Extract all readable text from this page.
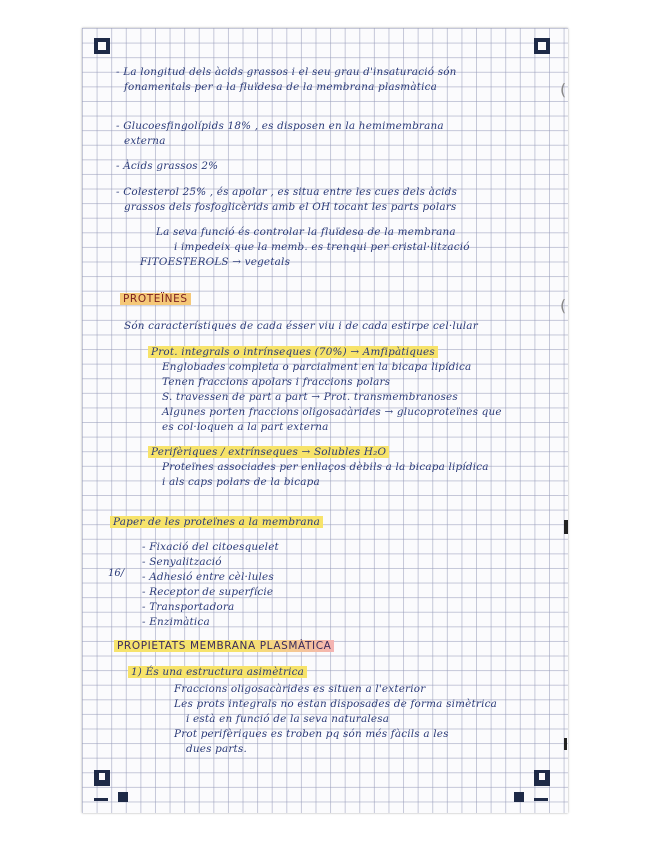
- La longitud dels àcids grassos i el seu grau d'insaturació són
fonamentals per a la fluïdesa de la membrana plasmàtica
- Glucoesfingolípids 18% , es disposen en la hemimembrana
externa
- Àcids grassos 2%
- Colesterol 25% , és apolar , es situa entre les cues dels àcids
grassos dels fosfoglicèrids amb el OH tocant les parts polars
La seva funció és controlar la fluïdesa de la membrana
i impedeix que la memb. es trenqui per cristal·lització
FITOESTEROLS → vegetals
PROTEÏNES
Són característiques de cada ésser viu i de cada estirpe cel·lular
Prot. integrals o intrínseques (70%) → Amfipàtiques
Englobades completa o parcialment en la bicapa lipídica
Tenen fraccions apolars i fraccions polars
S. travessen de part a part → Prot. transmembranoses
Algunes porten fraccions oligosacàrides → glucoproteïnes que
es col·loquen a la part externa
Perifèriques / extrínseques → Solubles H₂O
Proteïnes associades per enllaços dèbils a la bicapa lipídica
i als caps polars de la bicapa
Paper de les proteïnes a la membrana
- Fixació del citoesquelet
- Senyalització
- Adhesió entre cèl·lules
- Receptor de superfície
- Transportadora
- Enzimàtica
16/
PROPIETATS MEMBRANA PLASMÀTICA
1) És una estructura asimètrica
Fraccions oligosacàrides es situen a l'exterior
Les prots integrals no estan disposades de forma simètrica
i està en funció de la seva naturalesa
Prot perifèriques es troben pq són més fàcils a les
dues parts.
(
(
